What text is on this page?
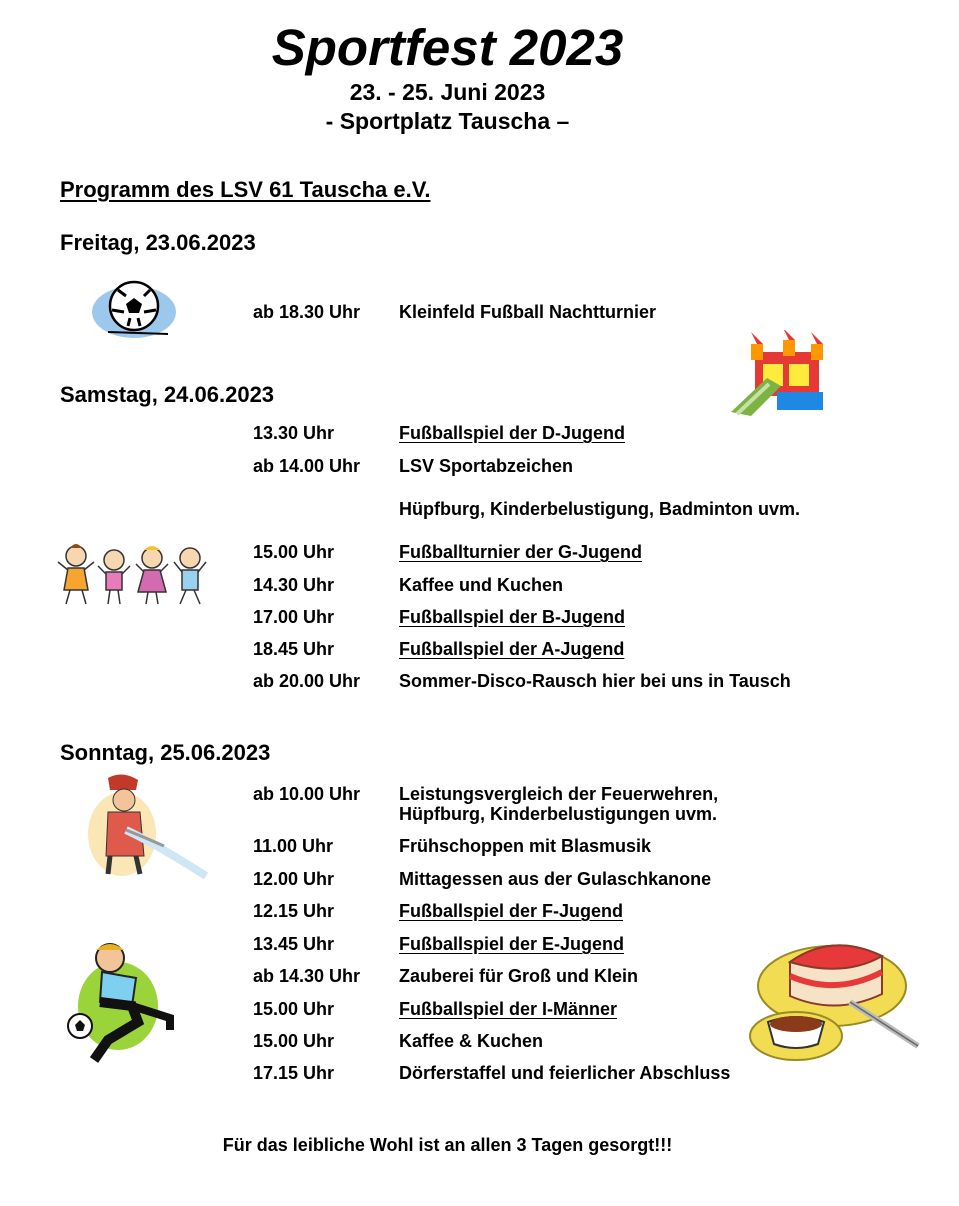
Sportfest 2023
23. - 25. Juni 2023
- Sportplatz Tauscha –
Programm des LSV 61 Tauscha e.V.
Freitag, 23.06.2023
ab 18.30 Uhr Kleinfeld Fußball Nachtturnier
Samstag, 24.06.2023
13.30 Uhr	Fußballspiel der D-Jugend
ab 14.00 Uhr LSV Sportabzeichen
Hüpfburg, Kinderbelustigung, Badminton uvm.
15.00 Uhr	Fußballturnier der G-Jugend
14.30 Uhr	Kaffee und Kuchen
17.00 Uhr	Fußballspiel der B-Jugend
18.45 Uhr	Fußballspiel der A-Jugend
ab 20.00 Uhr Sommer-Disco-Rausch hier bei uns in Tausch
Sonntag, 25.06.2023
ab 10.00 Uhr Leistungsvergleich der Feuerwehren,
Hüpfburg, Kinderbelustigungen uvm.
11.00 Uhr	Frühschoppen mit Blasmusik
12.00 Uhr	Mittagessen aus der Gulaschkanone
12.15 Uhr	Fußballspiel der F-Jugend
13.45 Uhr	Fußballspiel der E-Jugend
ab 14.30 Uhr Zauberei für Groß und Klein
15.00 Uhr	Fußballspiel der I-Männer
15.00 Uhr	Kaffee & Kuchen
17.15 Uhr	Dörferstaffel und feierlicher Abschluss
Für das leibliche Wohl ist an allen 3 Tagen gesorgt!!!
